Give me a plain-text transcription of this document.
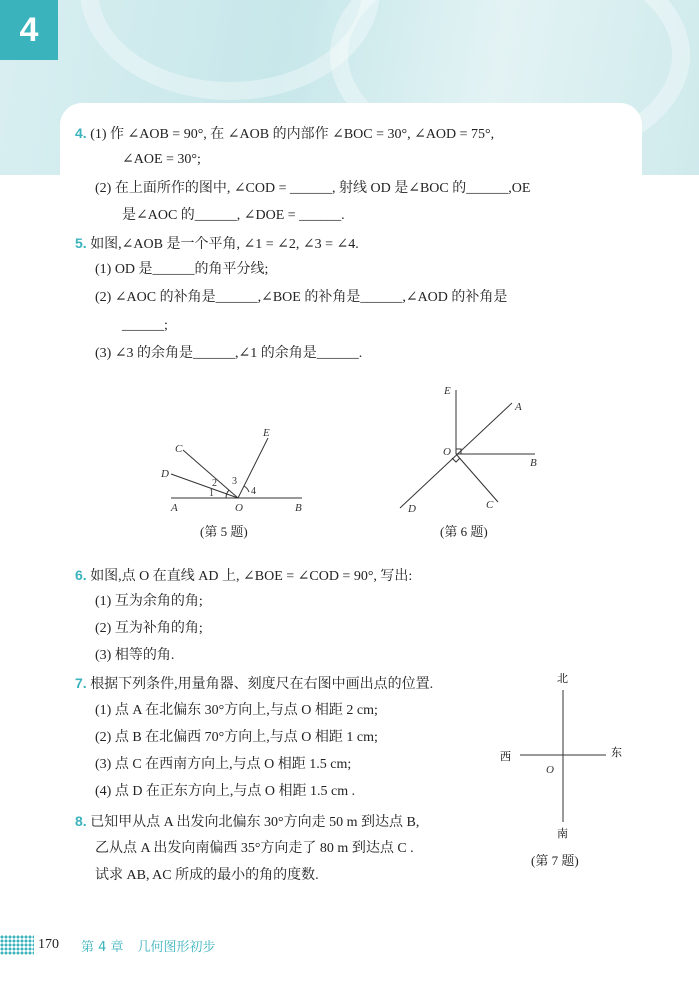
4
4. (1) 作 ∠AOB = 90°, 在 ∠AOB 的内部作 ∠BOC = 30°, ∠AOD = 75°,
∠AOE = 30°;
(2) 在上面所作的图中, ∠COD = ______, 射线 OD 是∠BOC 的______,OE
是∠AOC 的______, ∠DOE = ______.
5. 如图,∠AOB 是一个平角, ∠1 = ∠2, ∠3 = ∠4.
(1) OD 是______的角平分线;
(2) ∠AOC 的补角是______,∠BOE 的补角是______,∠AOD 的补角是
______;
(3) ∠3 的余角是______,∠1 的余角是______.
A	O	B
C
D
E
1
2 3
4
E
A
O
B
D	C
北
南
西	东
O
(第 5 题)	(第 6 题)
(第 7 题)
6. 如图,点 O 在直线 AD 上, ∠BOE = ∠COD = 90°, 写出:
(1) 互为余角的角;
(2) 互为补角的角;
(3) 相等的角.
7. 根据下列条件,用量角器、刻度尺在右图中画出点的位置.
(1) 点 A 在北偏东 30°方向上,与点 O 相距 2 cm;
(2) 点 B 在北偏西 70°方向上,与点 O 相距 1 cm;
(3) 点 C 在西南方向上,与点 O 相距 1.5 cm;
(4) 点 D 在正东方向上,与点 O 相距 1.5 cm .
8. 已知甲从点 A 出发向北偏东 30°方向走 50 m 到达点 B,
乙从点 A 出发向南偏西 35°方向走了 80 m 到达点 C .
试求 AB, AC 所成的最小的角的度数.
170 第 4 章 几何图形初步
